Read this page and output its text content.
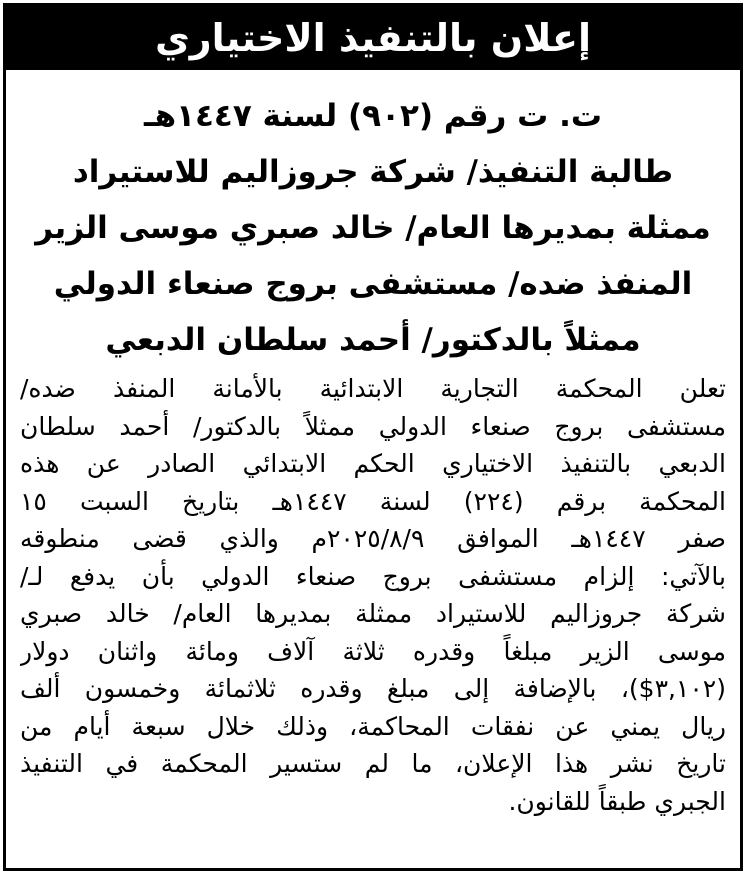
إعلان بالتنفيذ الاختياري
ت. ت رقم (٩٠٢) لسنة ١٤٤٧هـ
طالبة التنفيذ/ شركة جروزاليم للاستيراد
ممثلة بمديرها العام/ خالد صبري موسى الزير
المنفذ ضده/ مستشفى بروج صنعاء الدولي
ممثلاً بالدكتور/ أحمد سلطان الدبعي
تعلن المحكمة التجارية الابتدائية بالأمانة المنفذ ضده/
مستشفى بروج صنعاء الدولي ممثلاً بالدكتور/ أحمد سلطان
الدبعي بالتنفيذ الاختياري الحكم الابتدائي الصادر عن هذه
المحكمة برقم (٢٢٤) لسنة ١٤٤٧هـ بتاريخ السبت ١٥
صفر ١٤٤٧هـ الموافق ٢٠٢٥/٨/٩م والذي قضى منطوقه
بالآتي: إلزام مستشفى بروج صنعاء الدولي بأن يدفع لـ/
شركة جروزاليم للاستيراد ممثلة بمديرها العام/ خالد صبري
موسى الزير مبلغاً وقدره ثلاثة آلاف ومائة واثنان دولار
(٣,١٠٢$)، بالإضافة إلى مبلغ وقدره ثلاثمائة وخمسون ألف
ريال يمني عن نفقات المحاكمة، وذلك خلال سبعة أيام من
تاريخ نشر هذا الإعلان، ما لم ستسير المحكمة في التنفيذ
الجبري طبقاً للقانون.
